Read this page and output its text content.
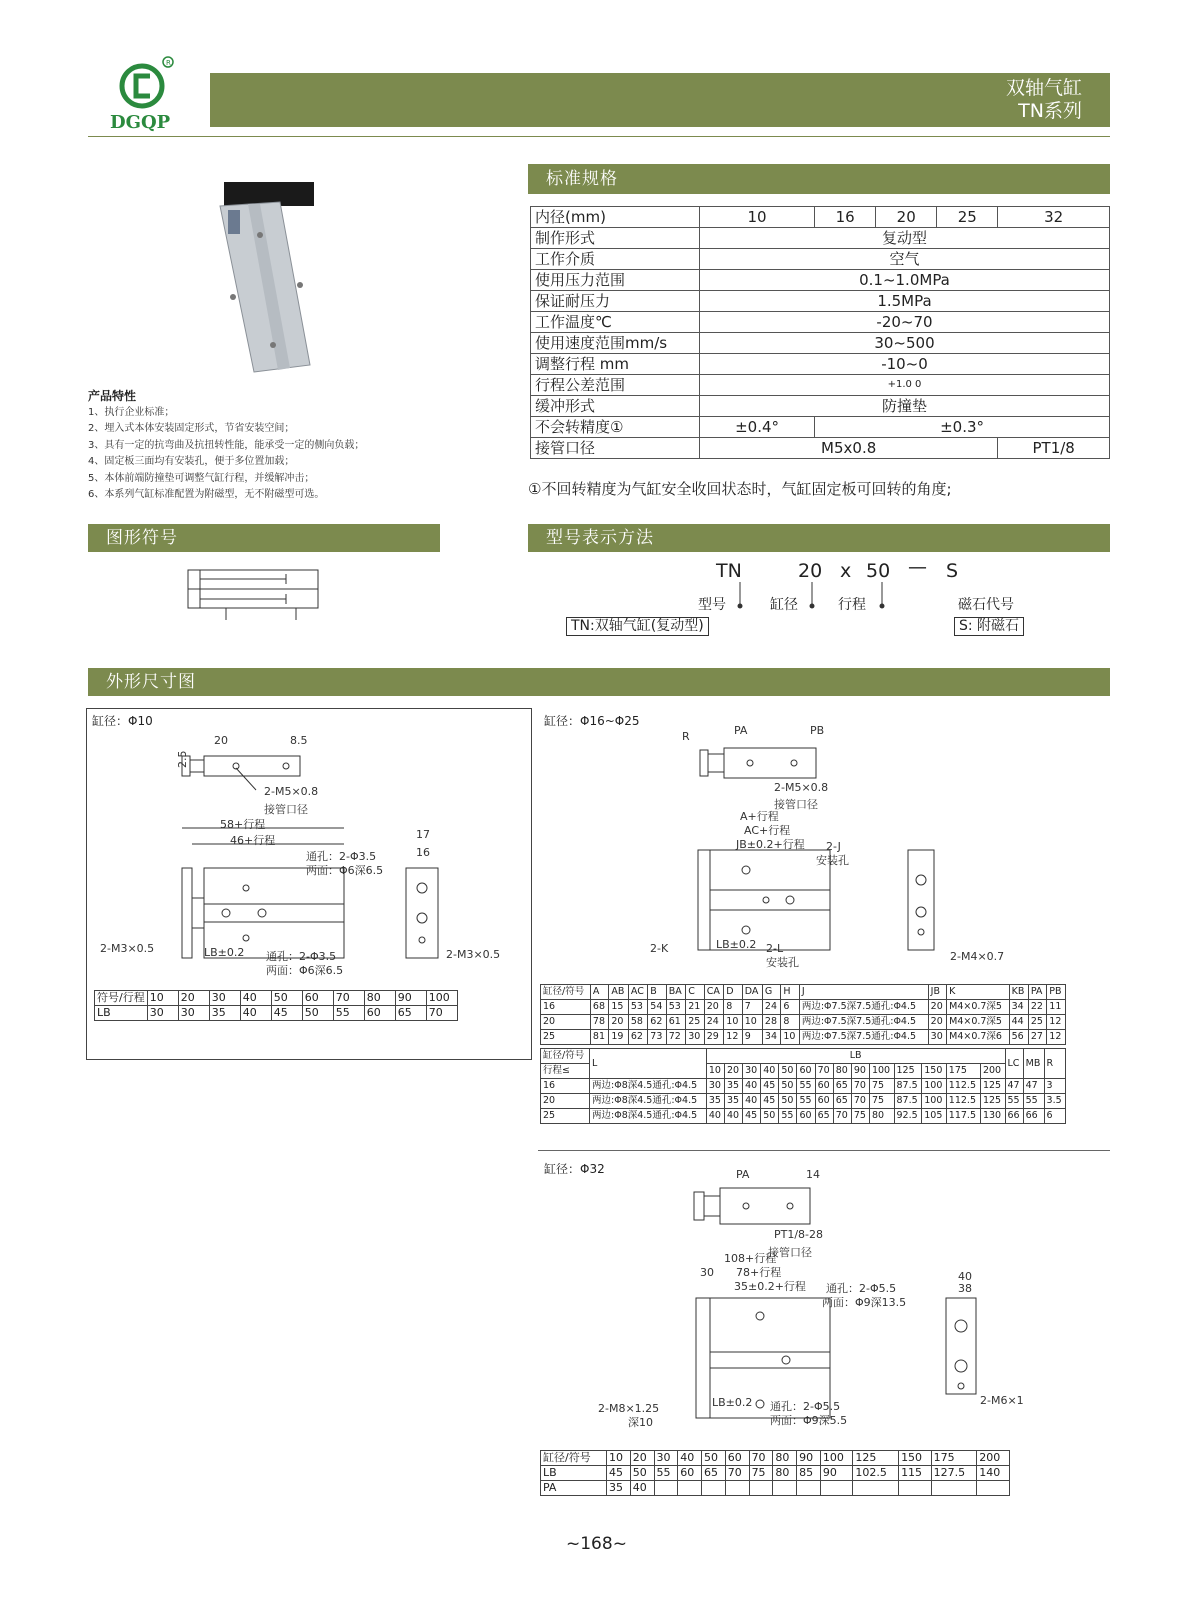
R
DGQP
双轴气缸
TN系列
产品特性
1、执行企业标准；
2、埋入式本体安装固定形式，节省安装空间；
3、具有一定的抗弯曲及抗扭转性能，能承受一定的侧向负载；
4、固定板三面均有安装孔，便于多位置加载；
5、本体前端防撞垫可调整气缸行程，并缓解冲击；
6、本系列气缸标准配置为附磁型，无不附磁型可选。
标准规格
图形符号	型号表示方法
外形尺寸图
内径(mm)	10	16	20	25	32
制作形式	复动型				
工作介质	空气				
使用压力范围	0.1~1.0MPa				
保证耐压力	1.5MPa				
工作温度℃	-20~70				
使用速度范围mm/s	30~500				
调整行程 mm	-10~0				
行程公差范围	+1.0 0				
缓冲形式	防撞垫				
不会转精度①	±0.4°	±0.3°			
接管口径	M5x0.8				PT1/8
①不回转精度为气缸安全收回状态时，气缸固定板可回转的角度;
TN	20 x 50 — S
型号	缸径	行程	磁石代号
TN:双轴气缸(复动型)	S: 附磁石
缸径：Φ10
20	8.5
2.5
2-M5×0.8
接管口径
58+行程
46+行程
通孔：2-Φ3.5
两面：Φ6深6.5
2-M3×0.5	LB±0.2 通孔：2-Φ3.5
两面：Φ6深6.5
17
16
2-M3×0.5
符号/行程	10	20	30	40	50	60	70	80	90	100
LB	30	30	35	40	45	50	55	60	65	70
缸径：Φ16~Φ25
PA	PB
R
2-M5×0.8
接管口径
A+行程
AC+行程
JB±0.2+行程 2-J
安装孔
2-K	LB±0.2 2-L
安装孔	2-M4×0.7
缸径/符号	A	AB	AC	B	BA	C	CA	D	DA	G	H	J	JB	K	KB	PA	PB
16	68	15	53	54	53	21	20	8	7	24	6	两边:Φ7.5深7.5通孔:Φ4.5	20	M4×0.7深5	34	22	11
20	78	20	58	62	61	25	24	10	10	28	8	两边:Φ7.5深7.5通孔:Φ4.5	20	M4×0.7深5	44	25	12
25	81	19	62	73	72	30	29	12	9	34	10	两边:Φ7.5深7.5通孔:Φ4.5	30	M4×0.7深6	56	27	12
缸径/符号	L	LB														LC	MB	R
行程≤		10	20	30	40	50	60	70	80	90	100	125	150	175	200			
16	两边:Φ8深4.5通孔:Φ4.5	30	35	40	45	50	55	60	65	70	75	87.5	100	112.5	125	47	47	3
20	两边:Φ8深4.5通孔:Φ4.5	35	35	40	45	50	55	60	65	70	75	87.5	100	112.5	125	55	55	3.5
25	两边:Φ8深4.5通孔:Φ4.5	40	40	45	50	55	60	65	70	75	80	92.5	105	117.5	130	66	66	6
缸径：Φ32	PA	14
PT1/8-28
接管口径
108+行程
78+行程
30
35±0.2+行程 通孔：2-Φ5.5
两面：Φ9深13.5
2-M8×1.25
深10
LB±0.2 通孔：2-Φ5.5
两面：Φ9深5.5
40
38
2-M6×1
缸径/符号	10	20	30	40	50	60	70	80	90	100	125	150	175	200
LB	45	50	55	60	65	70	75	80	85	90	102.5	115	127.5	140
PA	35	40												
~168~
